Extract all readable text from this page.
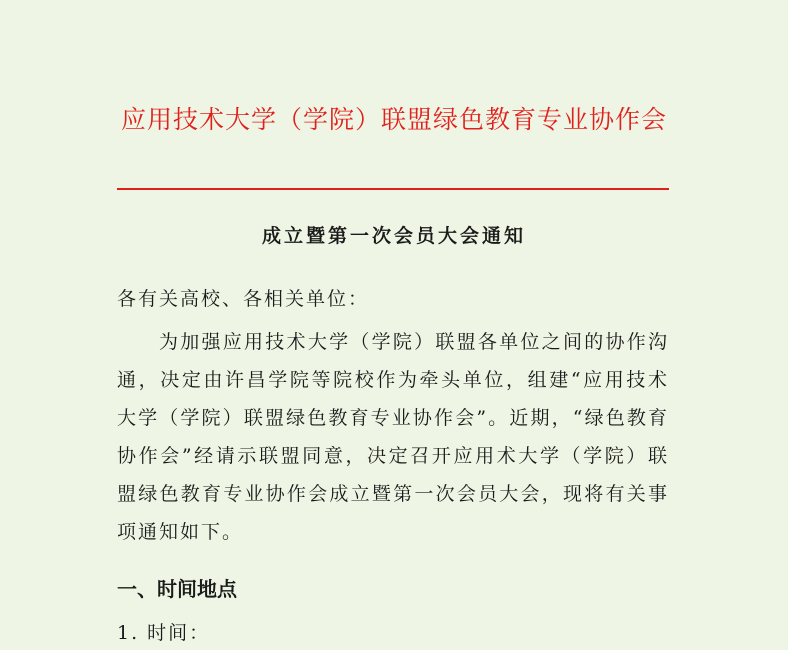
应用技术大学（学院）联盟绿色教育专业协作会
成立暨第一次会员大会通知

各有关高校、各相关单位：

为加强应用技术大学（学院）联盟各单位之间的协作沟通，决定由许昌学院等院校作为牵头单位，组建“应用技术大学（学院）联盟绿色教育专业协作会”。近期，“绿色教育协作会”经请示联盟同意，决定召开应用术大学（学院）联盟绿色教育专业协作会成立暨第一次会员大会，现将有关事项通知如下。

一、时间地点

1. 时间：
